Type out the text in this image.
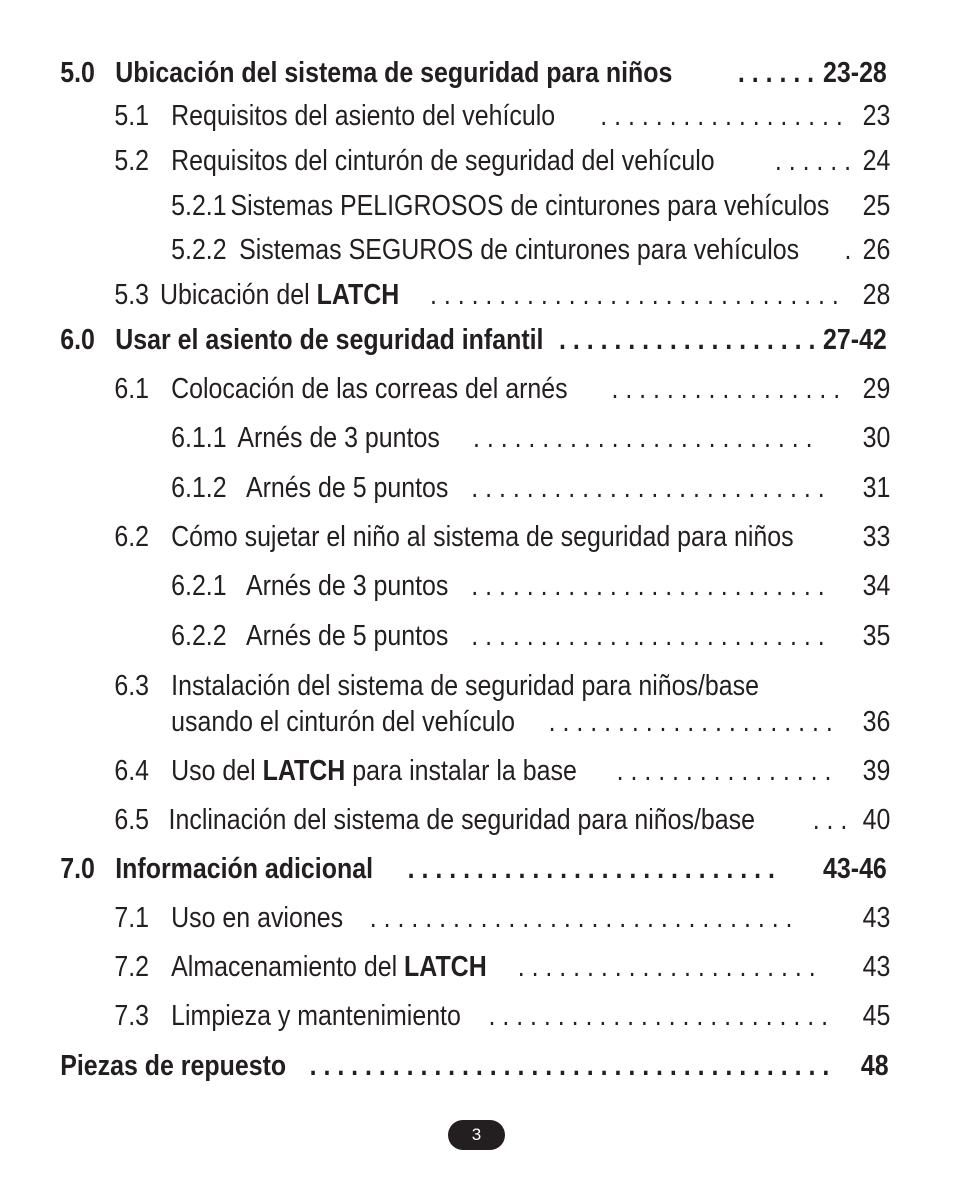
5.0 Ubicación del sistema de seguridad para niños . . . . . . 23-28
5.1 Requisitos del asiento del vehículo . . . . . . . . . . . . . . . . . . 23
5.2 Requisitos del cinturón de seguridad del vehículo . . . . . . 24
5.2.1 Sistemas PELIGROSOS de cinturones para vehículos 25
5.2.2 Sistemas SEGUROS de cinturones para vehículos . 26
5.3 Ubicación del LATCH . . . . . . . . . . . . . . . . . . . . . . . . . . . . . . 28
6.0 Usar el asiento de seguridad infantil . . . . . . . . . . . . . . . . . . . .
27-42
6.1 Colocación de las correas del arnés . . . . . . . . . . . . . . . . . 29
6.1.1 Arnés de 3 puntos . . . . . . . . . . . . . . . . . . . . . . . . . 30
6.1.2 Arnés de 5 puntos . . . . . . . . . . . . . . . . . . . . . . . . . . 31
6.2 Cómo sujetar el niño al sistema de seguridad para niños 33
6.2.1 Arnés de 3 puntos . . . . . . . . . . . . . . . . . . . . . . . . . . 34
6.2.2 Arnés de 5 puntos . . . . . . . . . . . . . . . . . . . . . . . . . . 35
6.3 Instalación del sistema de seguridad para niños/base
usando el cinturón del vehículo . . . . . . . . . . . . . . . . . . . . . 36
6.4 Uso del LATCH para instalar la base . . . . . . . . . . . . . . . . 39
6.5 Inclinación del sistema de seguridad para niños/base . . . 40
7.0 Información adicional . . . . . . . . . . . . . . . . . . . . . . . . . . . 43-46
7.1 Uso en aviones . . . . . . . . . . . . . . . . . . . . . . . . . . . . . . . 43
7.2 Almacenamiento del LATCH . . . . . . . . . . . . . . . . . . . . . . 43
7.3 Limpieza y mantenimiento . . . . . . . . . . . . . . . . . . . . . . . . . 45
Piezas de repuesto . . . . . . . . . . . . . . . . . . . . . . . . . . . . . . . . . . . . . . 48
3
